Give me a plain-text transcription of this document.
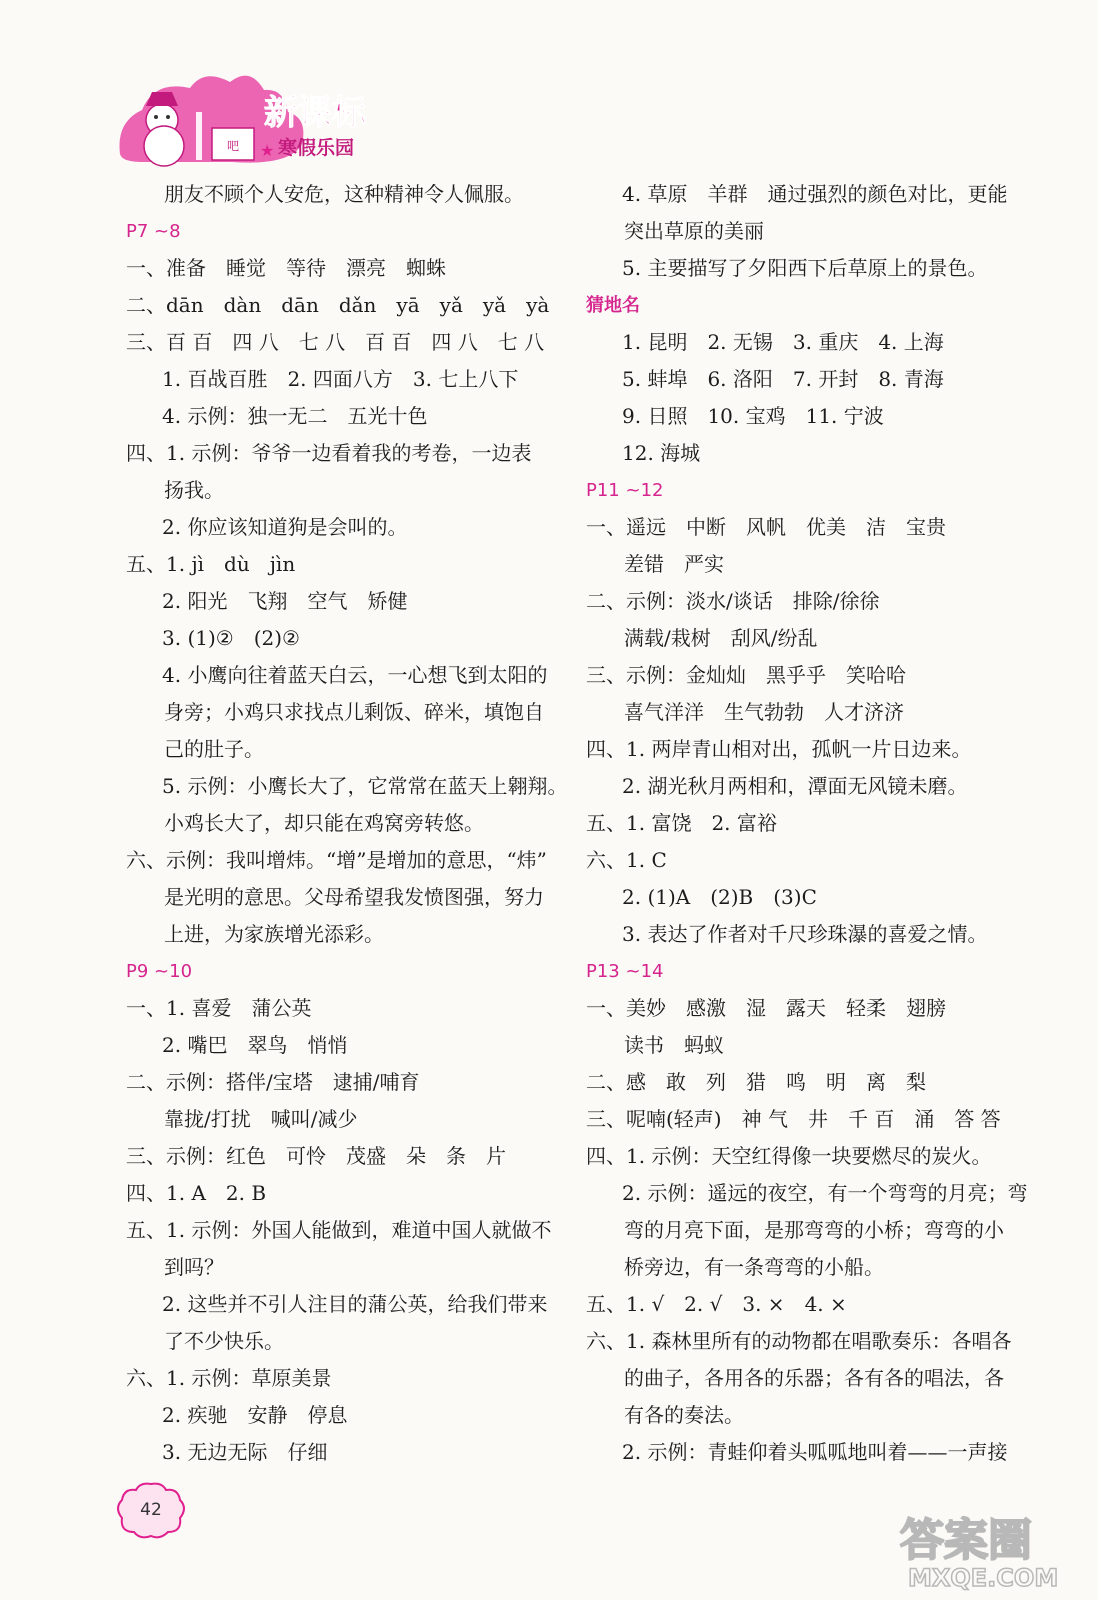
吧
新课标
寒假乐园
★
朋友不顾个人安危，这种精神令人佩服。
P7 ~8
一、准备　睡觉　等待　漂亮　蜘蛛
二、dān　dàn　dān　dǎn　yā　yǎ　yǎ　yà
三、百 百　四 八　七 八　百 百　四 八　七 八
1. 百战百胜　2. 四面八方　3. 七上八下
4. 示例：独一无二　五光十色
四、1. 示例：爷爷一边看着我的考卷，一边表
扬我。
2. 你应该知道狗是会叫的。
五、1. jì　dù　jìn
2. 阳光　飞翔　空气　矫健
3. (1)②　(2)②
4. 小鹰向往着蓝天白云，一心想飞到太阳的
身旁；小鸡只求找点儿剩饭、碎米，填饱自
己的肚子。
5. 示例：小鹰长大了，它常常在蓝天上翱翔。
小鸡长大了，却只能在鸡窝旁转悠。
六、示例：我叫增炜。“增”是增加的意思，“炜”
是光明的意思。父母希望我发愤图强，努力
上进，为家族增光添彩。
P9 ~10
一、1. 喜爱　蒲公英
2. 嘴巴　翠鸟　悄悄
二、示例：搭伴/宝塔　逮捕/哺育
靠拢/打扰　喊叫/减少
三、示例：红色　可怜　茂盛　朵　条　片
四、1. A　2. B
五、1. 示例：外国人能做到，难道中国人就做不
到吗？
2. 这些并不引人注目的蒲公英，给我们带来
了不少快乐。
六、1. 示例：草原美景
2. 疾驰　安静　停息
3. 无边无际　仔细
4. 草原　羊群　通过强烈的颜色对比，更能
突出草原的美丽
5. 主要描写了夕阳西下后草原上的景色。
猜地名
1. 昆明　2. 无锡　3. 重庆　4. 上海
5. 蚌埠　6. 洛阳　7. 开封　8. 青海
9. 日照　10. 宝鸡　11. 宁波
12. 海城
P11 ~12
一、遥远　中断　风帆　优美　洁　宝贵
差错　严实
二、示例：淡水/谈话　排除/徐徐
满载/栽树　刮风/纷乱
三、示例：金灿灿　黑乎乎　笑哈哈
喜气洋洋　生气勃勃　人才济济
四、1. 两岸青山相对出，孤帆一片日边来。
2. 湖光秋月两相和，潭面无风镜未磨。
五、1. 富饶　2. 富裕
六、1. C
2. (1)A　(2)B　(3)C
3. 表达了作者对千尺珍珠瀑的喜爱之情。
P13 ~14
一、美妙　感激　湿　露天　轻柔　翅膀
读书　蚂蚁
二、感　敢　列　猎　鸣　明　离　梨
三、呢喃(轻声)　神 气　井　千 百　涌　答 答
四、1. 示例：天空红得像一块要燃尽的炭火。
2. 示例：遥远的夜空，有一个弯弯的月亮；弯
弯的月亮下面，是那弯弯的小桥；弯弯的小
桥旁边，有一条弯弯的小船。
五、1. √　2. √　3. ×　4. ×
六、1. 森林里所有的动物都在唱歌奏乐：各唱各
的曲子，各用各的乐器；各有各的唱法，各
有各的奏法。
2. 示例：青蛙仰着头呱呱地叫着——一声接
42
答案圈
MXQE.COM
